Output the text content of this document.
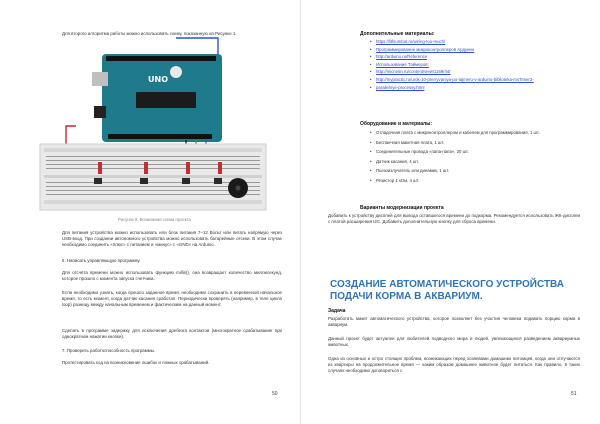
Для второго алгоритма работы можно использовать схему, показанную на Рисунке 1.

UNO
Рисунок 8. Возможная схема проекта

Для питания устройства можно использовать или блок питания 7–12 Вольт или питать напрямую через USB-вход. При создании автономного устройства можно использовать батарейные отсеки. В этом случае необходимо соединить «плюс» с питанием и «минус» с «GND» на Arduino.

6. Написать управляющую программу.

Для отсчёта времени можно использовать функцию millis(), она возвращает количество миллисекунд, которое прошло с момента запуска счетчика.

Если необходимо узнать, когда прошло заданное время, необходимо сохранить в переменной начальное время, то есть момент, когда датчик касания сработал. Периодически проверять (например, в теле цикла loop) разницу между начальным временем и фактическим на данный момент.

Сделать в программе задержку для исключения дребезга контактов (многократное срабатывание при однократном нажатии кнопки).

7. Проверить работоспособность программы.

Протестировать код на возникновение ошибок и ложных срабатываний.

50
Дополнительные материалы:
• https://lithiumbot.ru/wiring-too-much/
• Программирование микроконтроллеров Ардуино
• http://arduino.ru/Reference
• Использование Таймеров:
• http://microsin.ru/content/view/1169/44/
• http://mypractic.ru/urok-10-prerryvaniya-po-tajmeru-v-arduino-biblioteka-msTimer2-
• parallelnye-processy.html
Оборудование и материалы:
• Отладочная плата с микроконтроллером и кабелем для программирования, 1 шт.
• Беспаечная макетная плата, 1 шт.
• Соединительные провода «папа-папа», 20 шт.
• Датчик касания, 4 шт.
• Пьезоизлучатель или динамик, 1 шт.
• Резистор 1 кОм, 4 шт.
Варианты модернизации проекта

Добавить к устройству дисплей для вывода оставшегося времени до подкорма. Рекомендуется использовать ЖК-дисплеи с платой расширения I2C. Добавить дополнительную кнопку для сброса времени.

СОЗДАНИЕ АВТОМАТИЧЕСКОГО УСТРОЙСТВА ПОДАЧИ КОРМА В АКВАРИУМ.
Задача

Разработать макет автоматического устройства, которое позволяет без участия человека подавать порцию корма в аквариум.

Данный проект будет актуален для любителей подводного мира и людей, увлекающихся разведением аквариумных животных.

Одна из основных и остро стоящих проблем, возникающих перед хозяевами домашних питомцев, когда они отлучаются из квартиры на продолжительное время — каким образом домашнее животное будет питаться. Как правило, в таких случаях необходимо договориться с

51
